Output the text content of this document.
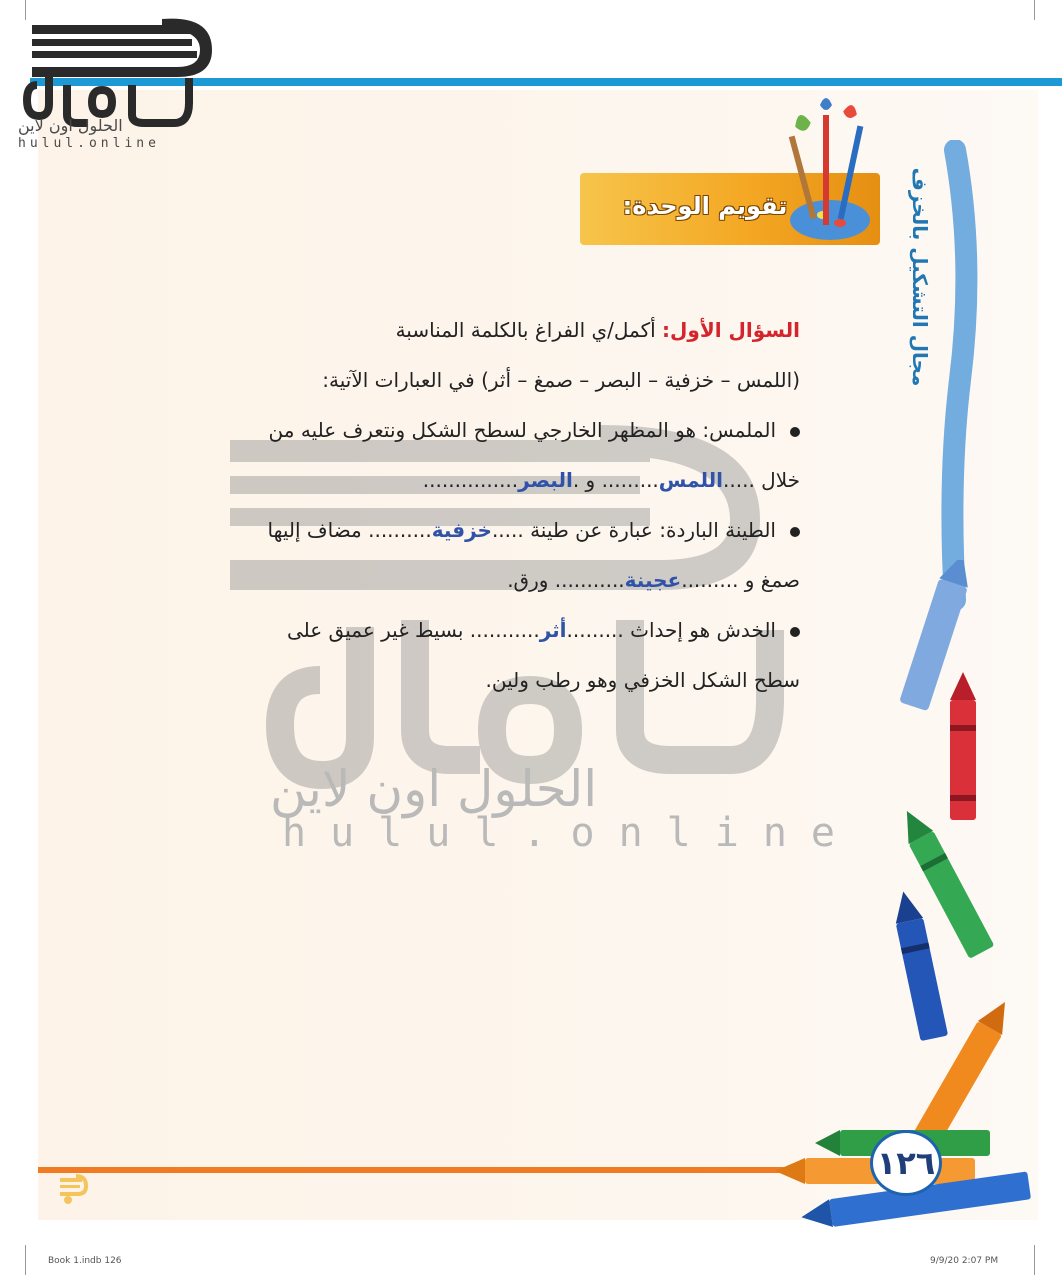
الحلول اون لاين
hulul.online
تقويم الوحدة:	مجال التشكيل بالخزف
الحلول اون لاين
hulul.online
السؤال الأول: أكمل/ي الفراغ بالكلمة المناسبة
(اللمس – خزفية – البصر – صمغ – أثر) في العبارات الآتية:
الملمس: هو المظهر الخارجي لسطح الشكل ونتعرف عليه من
خلال .....اللمس......... و .البصر...............
الطينة الباردة: عبارة عن طينة .....خزفية.......... مضاف إليها
صمغ و .........عجينة........... ورق.
الخدش هو إحداث .........أثر........... بسيط غير عميق على
سطح الشكل الخزفي وهو رطب ولين.
١٢٦
Book 1.indb 126	9/9/20 2:07 PM
